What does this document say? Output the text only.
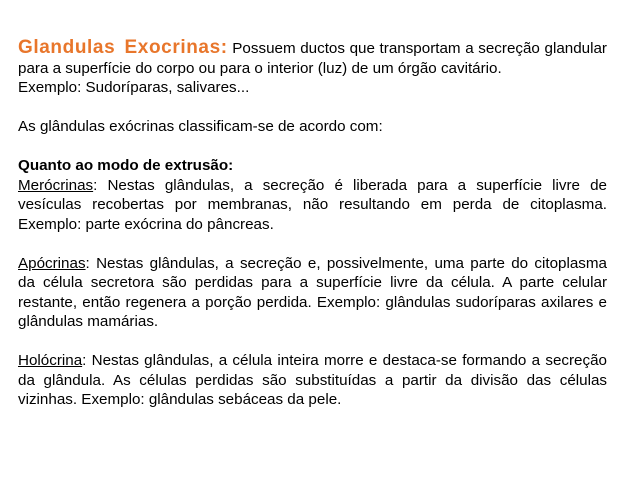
Glandulas Exocrinas: Possuem ductos que transportam a secreção glandular para a superfície do corpo ou para o interior (luz) de um órgão cavitário.

Exemplo: Sudoríparas, salivares...

As glândulas exócrinas classificam-se de acordo com:

Quanto ao modo de extrusão:

Merócrinas: Nestas glândulas, a secreção é liberada para a superfície livre de vesículas recobertas por membranas, não resultando em perda de citoplasma. Exemplo: parte exócrina do pâncreas.

Apócrinas: Nestas glândulas, a secreção e, possivelmente, uma parte do citoplasma da célula secretora são perdidas para a superfície livre da célula. A parte celular restante, então regenera a porção perdida. Exemplo: glândulas sudoríparas axilares e glândulas mamárias.

Holócrina: Nestas glândulas, a célula inteira morre e destaca-se formando a secreção da glândula. As células perdidas são substituídas a partir da divisão das células vizinhas. Exemplo: glândulas sebáceas da pele.
